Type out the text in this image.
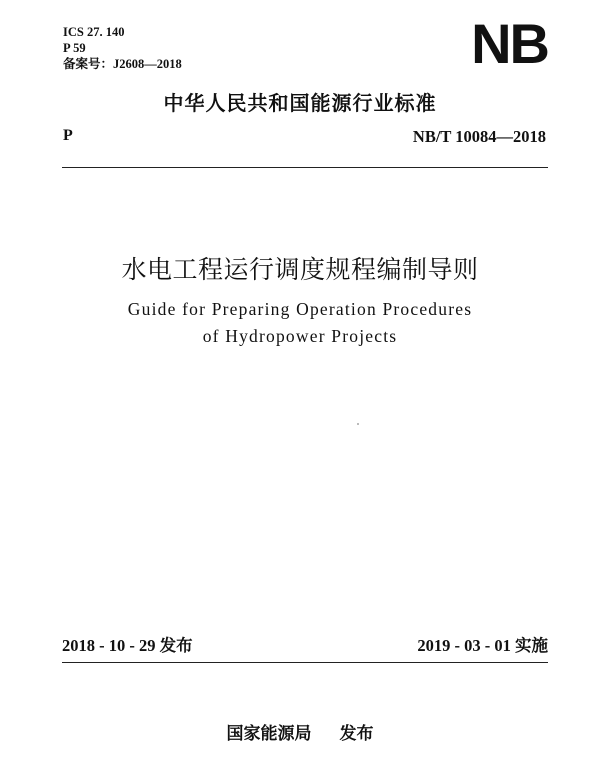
ICS 27. 140
P 59
备案号：J2608—2018	NB
中华人民共和国能源行业标准
P	NB/T 10084—2018
水电工程运行调度规程编制导则
Guide for Preparing Operation Procedures
of Hydropower Projects
2018 - 10 - 29 发布	2019 - 03 - 01 实施
国家能源局 发布
